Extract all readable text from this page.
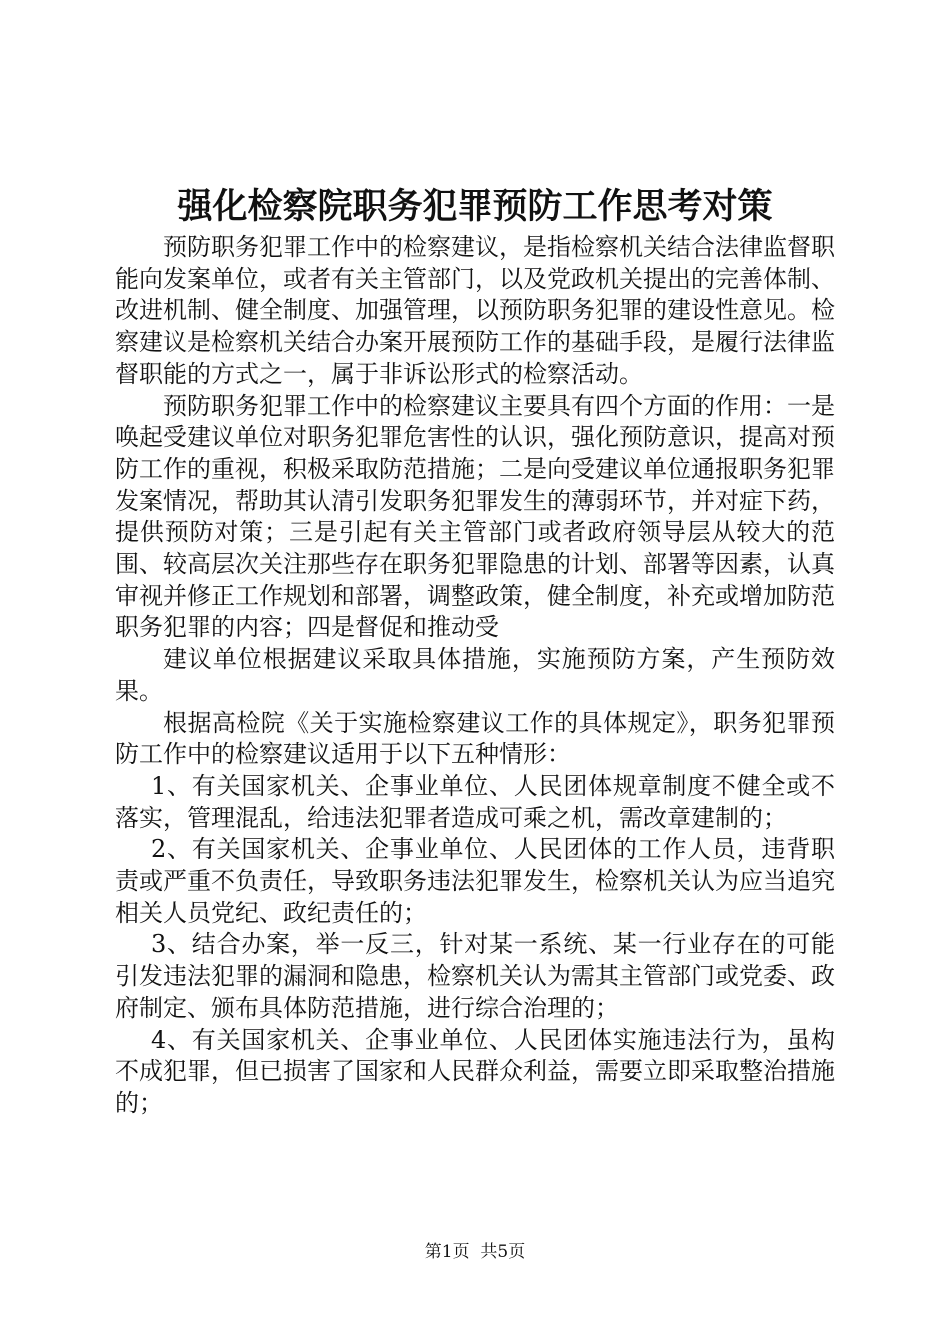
强化检察院职务犯罪预防工作思考对策

预防职务犯罪工作中的检察建议，是指检察机关结合法律监督职能向发案单位，或者有关主管部门，以及党政机关提出的完善体制、改进机制、健全制度、加强管理，以预防职务犯罪的建设性意见。检察建议是检察机关结合办案开展预防工作的基础手段，是履行法律监督职能的方式之一，属于非诉讼形式的检察活动。

预防职务犯罪工作中的检察建议主要具有四个方面的作用：一是唤起受建议单位对职务犯罪危害性的认识，强化预防意识，提高对预防工作的重视，积极采取防范措施；二是向受建议单位通报职务犯罪发案情况，帮助其认清引发职务犯罪发生的薄弱环节，并对症下药，提供预防对策；三是引起有关主管部门或者政府领导层从较大的范围、较高层次关注那些存在职务犯罪隐患的计划、部署等因素，认真审视并修正工作规划和部署，调整政策，健全制度，补充或增加防范职务犯罪的内容；四是督促和推动受

建议单位根据建议采取具体措施，实施预防方案，产生预防效果。

根据高检院《关于实施检察建议工作的具体规定》，职务犯罪预防工作中的检察建议适用于以下五种情形：

1、有关国家机关、企事业单位、人民团体规章制度不健全或不落实，管理混乱，给违法犯罪者造成可乘之机，需改章建制的；

2、有关国家机关、企事业单位、人民团体的工作人员，违背职责或严重不负责任，导致职务违法犯罪发生，检察机关认为应当追究相关人员党纪、政纪责任的；

3、结合办案，举一反三，针对某一系统、某一行业存在的可能引发违法犯罪的漏洞和隐患，检察机关认为需其主管部门或党委、政府制定、颁布具体防范措施，进行综合治理的；

4、有关国家机关、企事业单位、人民团体实施违法行为，虽构不成犯罪，但已损害了国家和人民群众利益，需要立即采取整治措施的；

第1页  共5页
